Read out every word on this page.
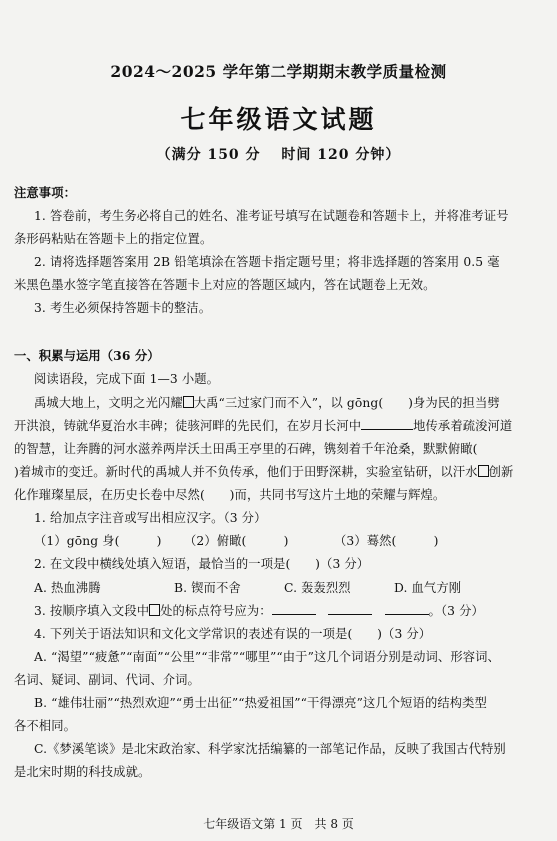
2024～2025 学年第二学期期末教学质量检测
七年级语文试题
（满分 150 分　 时间 120 分钟）
注意事项：
1. 答卷前，考生务必将自己的姓名、准考证号填写在试题卷和答题卡上，并将准考证号
条形码粘贴在答题卡上的指定位置。
2. 请将选择题答案用 2B 铅笔填涂在答题卡指定题号里；将非选择题的答案用 0.5 毫
米黑色墨水签字笔直接答在答题卡上对应的答题区域内，答在试题卷上无效。
3. 考生必须保持答题卡的整洁。
一、积累与运用（36 分）
阅读语段，完成下面 1—3 小题。
禹城大地上，文明之光闪耀 大禹“三过家门而不入”，以 gōng(　　)身为民的担当劈
开洪浪，铸就华夏治水丰碑；徒骇河畔的先民们，在岁月长河中	地传承着疏浚河道
的智慧，让奔腾的河水滋养两岸沃土田禹王亭里的石碑，镌刻着千年沧桑，默默俯瞰(
)着城市的变迁。新时代的禹城人并不负传承，他们于田野深耕，实验室钻研，以汗水 创新
化作璀璨星辰，在历史长卷中尽然(　　)而，共同书写这片土地的荣耀与辉煌。
1. 给加点字注音或写出相应汉字。（3 分）
（1）gōng 身(　　　) （2）俯瞰(　　　)	（3）蓦然(　　　)
2. 在文段中横线处填入短语，最恰当的一项是(　　)（3 分）
A. 热血沸腾	B. 锲而不舍	C. 轰轰烈烈	D. 血气方刚
3. 按顺序填入文段中 处的标点符号应为：　　	。（3 分）
4. 下列关于语法知识和文化文学常识的表述有误的一项是(　　)（3 分）
A. “渴望”“疲惫”“南面”“公里”“非常”“哪里”“由于”这几个词语分别是动词、形容词、
名词、疑词、副词、代词、介词。
B. “雄伟壮丽”“热烈欢迎”“勇士出征”“热爱祖国”“干得漂亮”这几个短语的结构类型
各不相同。
C.《梦溪笔谈》是北宋政治家、科学家沈括编纂的一部笔记作品，反映了我国古代特别
是北宋时期的科技成就。
七年级语文第 1 页　共 8 页
